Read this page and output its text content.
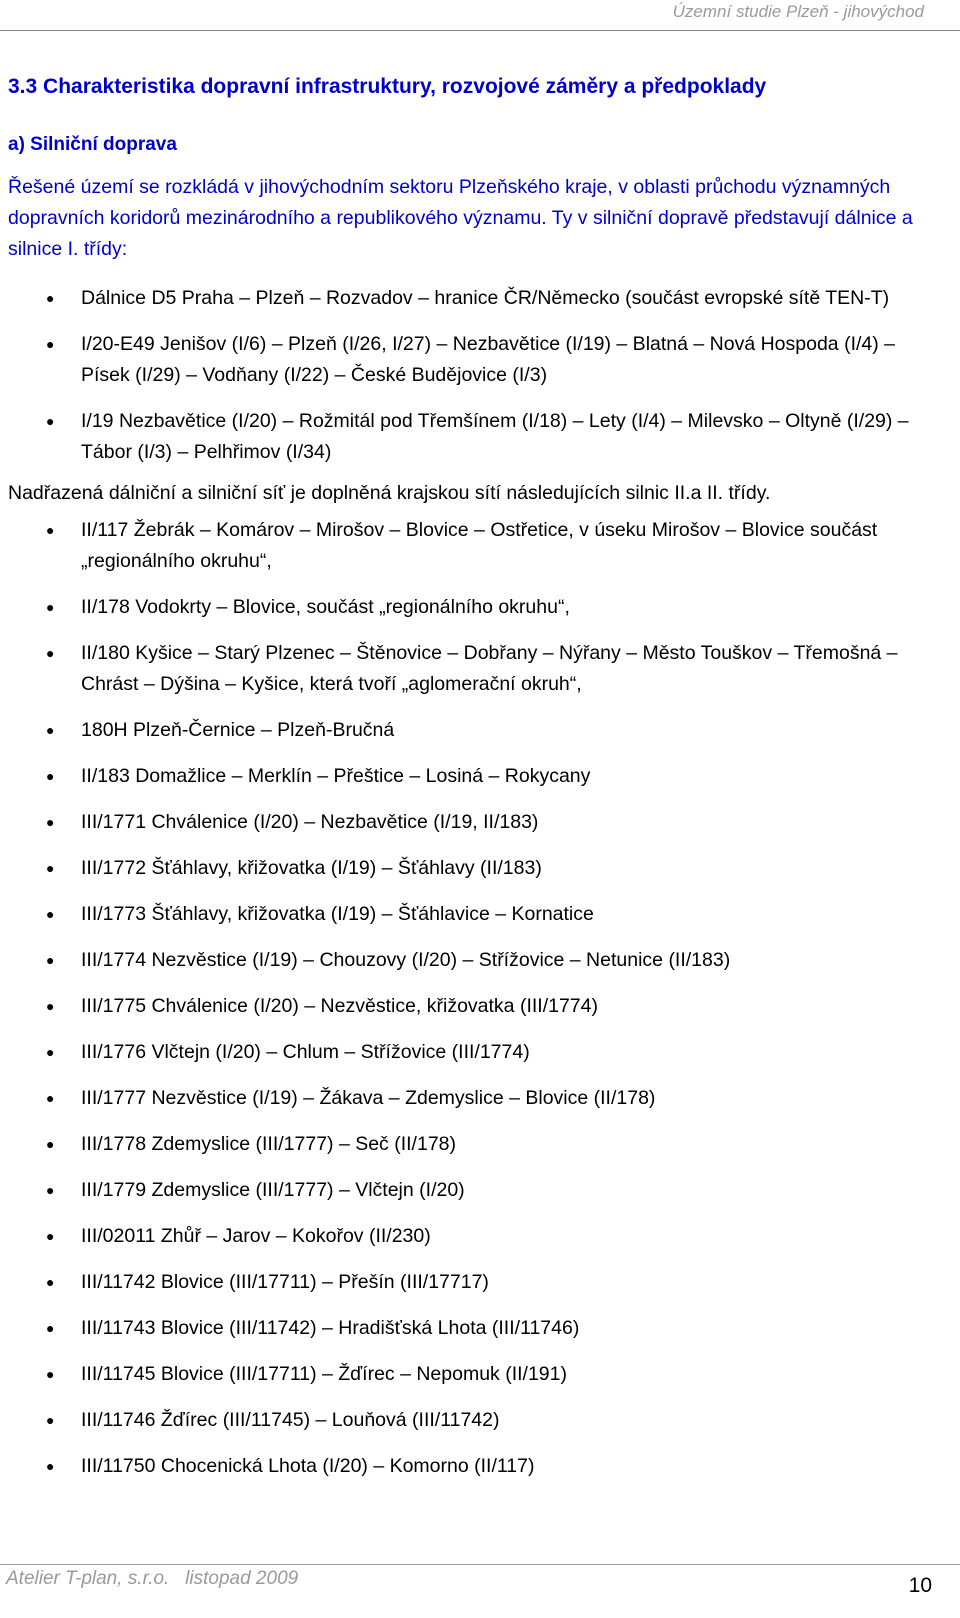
Územní studie Plzeň - jihovýchod
3.3 Charakteristika dopravní infrastruktury, rozvojové záměry a předpoklady
a) Silniční doprava

Řešené území se rozkládá v jihovýchodním sektoru Plzeňského kraje, v oblasti průchodu významných dopravních koridorů mezinárodního a republikového významu. Ty v silniční dopravě představují dálnice a silnice I. třídy:

● Dálnice D5 Praha – Plzeň – Rozvadov – hranice ČR/Německo (součást evropské sítě TEN-T)
● I/20-E49 Jenišov (I/6) – Plzeň (I/26, I/27) – Nezbavětice (I/19) – Blatná – Nová Hospoda (I/4) – Písek (I/29) – Vodňany (I/22) – České Budějovice (I/3)
● I/19 Nezbavětice (I/20) – Rožmitál pod Třemšínem (I/18) – Lety (I/4) – Milevsko – Oltyně (I/29) – Tábor (I/3) – Pelhřimov (I/34)

Nadřazená dálniční a silniční síť je doplněná krajskou sítí následujících silnic II.a II. třídy.

● II/117 Žebrák – Komárov – Mirošov – Blovice – Ostřetice, v úseku Mirošov – Blovice součást „regionálního okruhu“,
● II/178 Vodokrty – Blovice, součást „regionálního okruhu“,
● II/180 Kyšice – Starý Plzenec – Štěnovice – Dobřany – Nýřany – Město Touškov – Třemošná – Chrást – Dýšina – Kyšice, která tvoří „aglomerační okruh“,
● 180H Plzeň-Černice – Plzeň-Bručná
● II/183 Domažlice – Merklín – Přeštice – Losiná – Rokycany
● III/1771 Chválenice (I/20) – Nezbavětice (I/19, II/183)
● III/1772 Šťáhlavy, křižovatka (I/19) – Šťáhlavy (II/183)
● III/1773 Šťáhlavy, křižovatka (I/19) – Šťáhlavice – Kornatice
● III/1774 Nezvěstice (I/19) – Chouzovy (I/20) – Střížovice – Netunice (II/183)
● III/1775 Chválenice (I/20) – Nezvěstice, křižovatka (III/1774)
● III/1776 Vlčtejn (I/20) – Chlum – Střížovice (III/1774)
● III/1777 Nezvěstice (I/19) – Žákava – Zdemyslice – Blovice (II/178)
● III/1778 Zdemyslice (III/1777) – Seč (II/178)
● III/1779 Zdemyslice (III/1777) – Vlčtejn (I/20)
● III/02011 Zhůř – Jarov – Kokořov (II/230)
● III/11742 Blovice (III/17711) – Přešín (III/17717)
● III/11743 Blovice (III/11742) – Hradišťská Lhota (III/11746)
● III/11745 Blovice (III/17711) – Žďírec – Nepomuk (II/191)
● III/11746 Žďírec (III/11745) – Louňová (III/11742)
● III/11750 Chocenická Lhota (I/20) – Komorno (II/117)
Atelier T-plan, s.r.o.   listopad 2009	10
